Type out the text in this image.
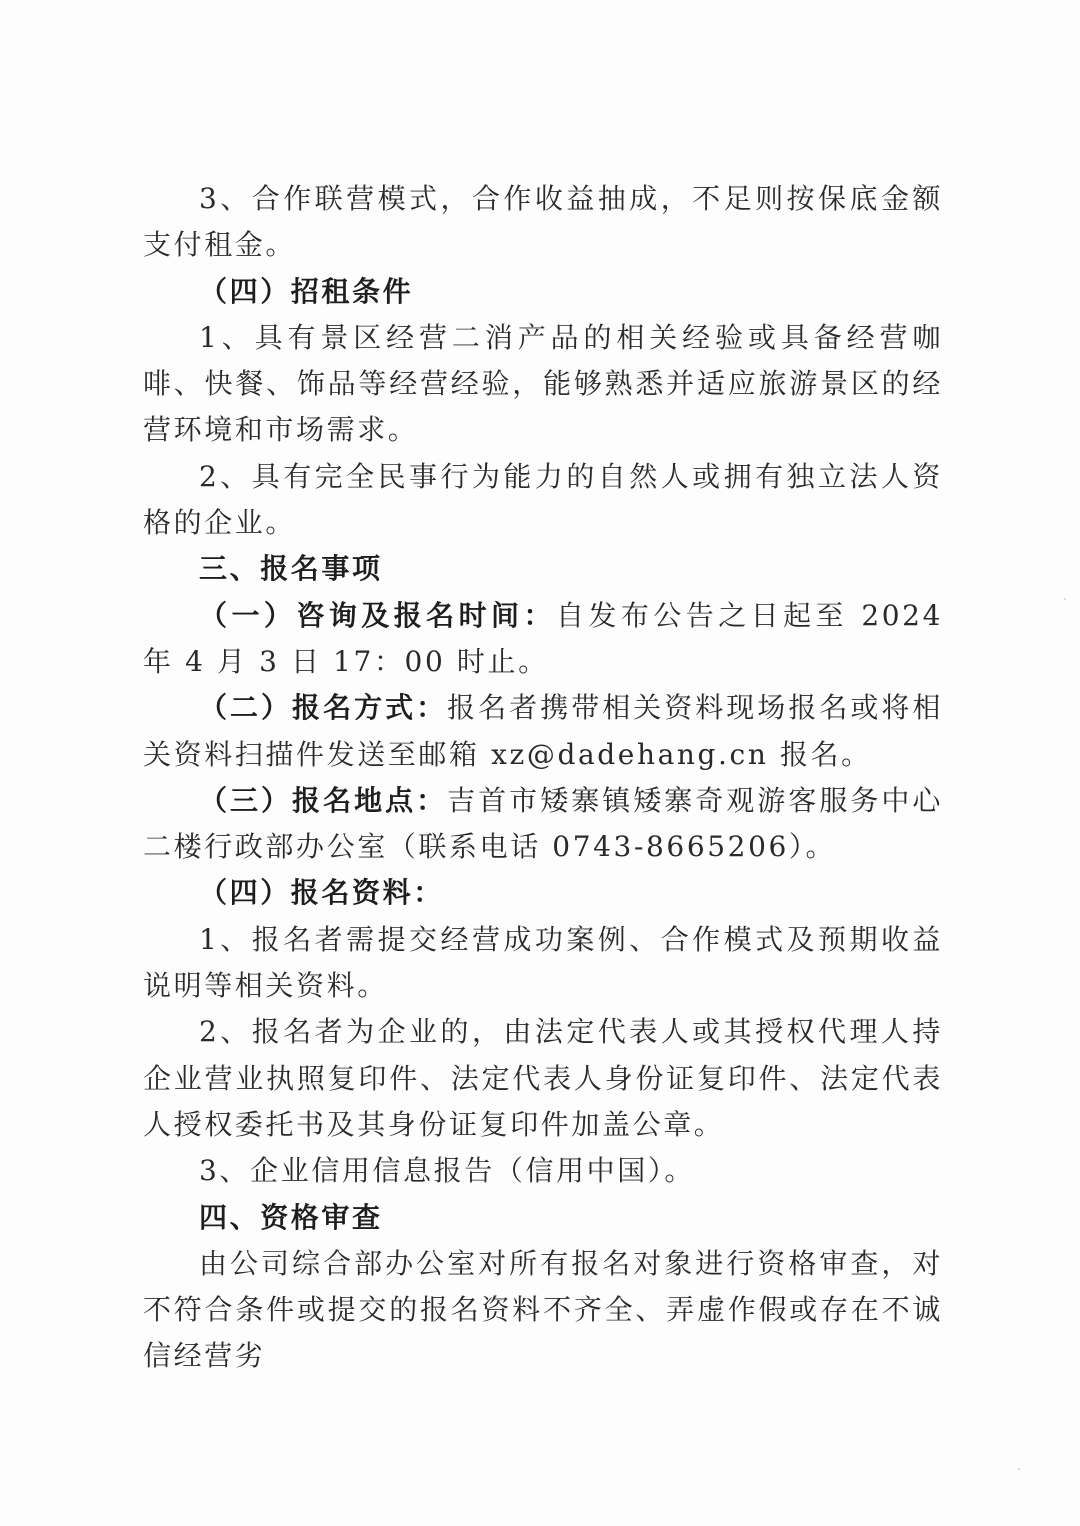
3、合作联营模式，合作收益抽成，不足则按保底金额支付租金。

（四）招租条件

1、具有景区经营二消产品的相关经验或具备经营咖啡、快餐、饰品等经营经验，能够熟悉并适应旅游景区的经营环境和市场需求。

2、具有完全民事行为能力的自然人或拥有独立法人资格的企业。

三、报名事项

（一）咨询及报名时间：自发布公告之日起至 2024 年 4 月 3 日 17：00 时止。

（二）报名方式：报名者携带相关资料现场报名或将相关资料扫描件发送至邮箱 xz@dadehang.cn 报名。

（三）报名地点：吉首市矮寨镇矮寨奇观游客服务中心二楼行政部办公室（联系电话 0743-8665206）。

（四）报名资料：

1、报名者需提交经营成功案例、合作模式及预期收益说明等相关资料。

2、报名者为企业的，由法定代表人或其授权代理人持企业营业执照复印件、法定代表人身份证复印件、法定代表人授权委托书及其身份证复印件加盖公章。

3、企业信用信息报告（信用中国）。

四、资格审查

由公司综合部办公室对所有报名对象进行资格审查，对不符合条件或提交的报名资料不齐全、弄虚作假或存在不诚信经营劣
